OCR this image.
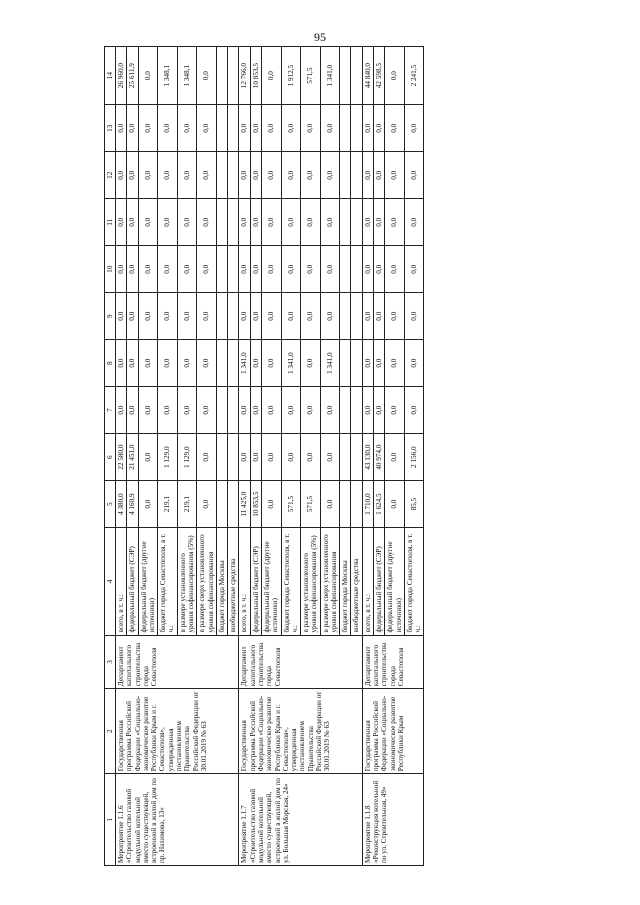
95
1	2	3	4	5	6	7	8	9	10	11	12	13	14
Мероприятие 1.1.6 «Строительство газовой модульной котельной вместо существующей, встроенной в жилой дом по пр. Нахимова, 13»	Государственная программа Российской Федерации «Социально-экономическое развитие Республики Крым и г. Севастополя», утвержденная постановлением Правительства Российской Федерации от 30.01.2019 № 63	Департамент капитального строительства города Севастополя	всего, в т. ч.:	4 380,0	22 580,0	0,0	0,0	0,0	0,0	0,0	0,0	0,0	26 960,0
			федеральный бюджет (СЭР)	4 160,9	21 451,0	0,0	0,0	0,0	0,0	0,0	0,0	0,0	25 611,9
			федеральный бюджет (другие источники)	0,0	0,0	0,0	0,0	0,0	0,0	0,0	0,0	0,0	0,0
			бюджет города Севастополя, в т. ч.:	219,1	1 129,0	0,0	0,0	0,0	0,0	0,0	0,0	0,0	1 348,1
			в размере установленного уровня софинансирования (5%)	219,1	1 129,0	0,0	0,0	0,0	0,0	0,0	0,0	0,0	1 348,1
			в размере сверх установленного уровня софинансирования	0,0	0,0	0,0	0,0	0,0	0,0	0,0	0,0	0,0	0,0
			бюджет города Москвы										
			внебюджетные средства										
Мероприятие 1.1.7 «Строительство газовой модульной котельной вместо существующей, встроенной в жилой дом по ул. Большая Морская, 24»	Государственная программа Российской Федерации «Социально-экономическое развитие Республики Крым и г. Севастополя», утвержденная постановлением Правительства Российской Федерации от 30.01.2019 № 63	Департамент капитального строительства города Севастополя	всего, в т. ч.:	11 425,0	0,0	0,0	1 341,0	0,0	0,0	0,0	0,0	0,0	12 766,0
			федеральный бюджет (СЭР)	10 853,5	0,0	0,0	0,0	0,0	0,0	0,0	0,0	0,0	10 853,5
			федеральный бюджет (другие источники)	0,0	0,0	0,0	0,0	0,0	0,0	0,0	0,0	0,0	0,0
			бюджет города Севастополя, в т. ч.:	571,5	0,0	0,0	1 341,0	0,0	0,0	0,0	0,0	0,0	1 912,5
			в размере установленного уровня софинансирования (5%)	571,5	0,0	0,0	0,0	0,0	0,0	0,0	0,0	0,0	571,5
			в размере сверх установленного уровня софинансирования	0,0	0,0	0,0	1 341,0	0,0	0,0	0,0	0,0	0,0	1 341,0
			бюджет города Москвы										
			внебюджетные средства										
Мероприятие 1.1.8 «Реконструкция котельной по ул. Строительная, 49»	Государственная программа Российской Федерации «Социально-экономическое развитие Республики Крым	Департамент капитального строительства города Севастополя	всего, в т. ч.:	1 710,0	43 130,0	0,0	0,0	0,0	0,0	0,0	0,0	0,0	44 840,0
			федеральный бюджет (СЭР)	1 624,5	40 974,0	0,0	0,0	0,0	0,0	0,0	0,0	0,0	42 598,5
			федеральный бюджет (другие источники)	0,0	0,0	0,0	0,0	0,0	0,0	0,0	0,0	0,0	0,0
			бюджет города Севастополя, в т. ч.:	85,5	2 156,0	0,0	0,0	0,0	0,0	0,0	0,0	0,0	2 241,5
